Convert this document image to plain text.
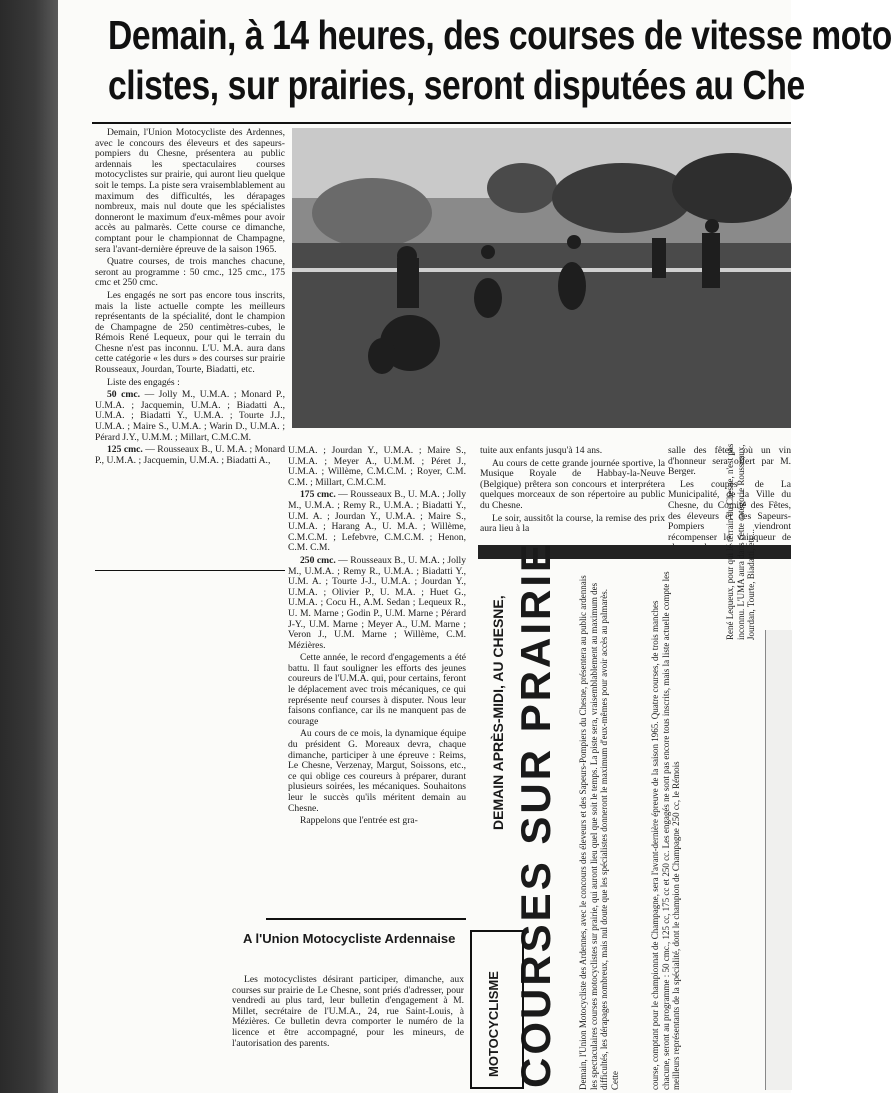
Demain, à 14 heures, des courses de vitesse moto
clistes, sur prairies, seront disputées au Che

Demain, l'Union Motocycliste des Ardennes, avec le concours des éleveurs et des sapeurs-pompiers du Chesne, présentera au public ardennais les spectaculaires courses motocyclistes sur prairie, qui auront lieu quelque soit le temps. La piste sera vraisemblablement au maximum des difficultés, les dérapages nombreux, mais nul doute que les spécialistes donneront le maximum d'eux-mêmes pour avoir accès au palmarès. Cette course ce dimanche, comptant pour le championnat de Champagne, sera l'avant-dernière épreuve de la saison 1965.

Quatre courses, de trois manches chacune, seront au programme : 50 cmc., 125 cmc., 175 cmc et 250 cmc.

Les engagés ne sort pas encore tous inscrits, mais la liste actuelle compte les meilleurs représentants de la spécialité, dont le champion de Champagne de 250 centimètres-cubes, le Rémois René Lequeux, pour qui le terrain du Chesne n'est pas inconnu. L'U. M.A. aura dans cette catégorie « les durs » des courses sur prairie Rousseaux, Jourdan, Tourte, Biadatti, etc.

Liste des engagés :

50 cmc. — Jolly M., U.M.A. ; Monard P., U.M.A. ; Jacquemin, U.M.A. ; Biadatti A., U.M.A. ; Biadatti Y., U.M.A. ; Tourte J.J., U.M.A. ; Maire S., U.M.A. ; Warin D., U.M.A. ; Pérard J.Y., U.M.M. ; Millart, C.M.C.M.

125 cmc. — Rousseaux B., U. M.A. ; Monard P., U.M.A. ; Jacquemin, U.M.A. ; Biadatti A.,

U.M.A. ; Jourdan Y., U.M.A. ; Maire S., U.M.A. ; Meyer A., U.M.M. ; Péret J., U.M.A. ; Willème, C.M.C.M. ; Royer, C.M. C.M. ; Millart, C.M.C.M.

175 cmc. — Rousseaux B., U. M.A. ; Jolly M., U.M.A. ; Remy R., U.M.A. ; Biadatti Y., U.M. A. ; Jourdan Y., U.M.A. ; Maire S., U.M.A. ; Harang A., U. M.A. ; Willème, C.M.C.M. ; Lefebvre, C.M.C.M. ; Henon, C.M. C.M.

250 cmc. — Rousseaux B., U. M.A. ; Jolly M., U.M.A. ; Remy R., U.M.A. ; Biadatti Y., U.M. A. ; Tourte J-J., U.M.A. ; Jourdan Y., U.M.A. ; Olivier P., U. M.A. ; Huet G., U.M.A. ; Cocu H., A.M. Sedan ; Lequeux R., U. M. Marne ; Godin P., U.M. Marne ; Pérard J-Y., U.M. Marne ; Meyer A., U.M. Marne ; Veron J., U.M. Marne ; Willème, C.M. Mézières.

Cette année, le record d'engagements a été battu. Il faut souligner les efforts des jeunes coureurs de l'U.M.A. qui, pour certains, feront le déplacement avec trois mécaniques, ce qui représente neuf courses à disputer. Nous leur faisons confiance, car ils ne manquent pas de courage

Au cours de ce mois, la dynamique équipe du président G. Moreaux devra, chaque dimanche, participer à une épreuve : Reims, Le Chesne, Verzenay, Margut, Soissons, etc., ce qui oblige ces coureurs à préparer, durant plusieurs soirées, les mécaniques. Souhaitons leur le succès qu'ils méritent demain au Chesne.

Rappelons que l'entrée est gra-

tuite aux enfants jusqu'à 14 ans.

Au cours de cette grande journée sportive, la Musique Royale de Habbay-la-Neuve (Belgique) prêtera son concours et interprétera quelques morceaux de son répertoire au public du Chesne.

Le soir, aussitôt la course, la remise des prix aura lieu à la

salle des fêtes, où un vin d'honneur sera offert par M. Berger.

Les coupes de La Municipalité, de la Ville du Chesne, du Comité des Fêtes, des éleveurs et des Sapeurs-Pompiers viendront récompenser le vainqueur de

A l'Union Motocycliste Ardennaise

Les motocyclistes désirant participer, dimanche, aux courses sur prairie de Le Chesne, sont priés d'adresser, pour vendredi au plus tard, leur bulletin d'engagement à M. Millet, secrétaire de l'U.M.A., 24, rue Saint-Louis, à Mézières. Ce bulletin devra comporter le numéro de la licence et être accompagné, pour les mineurs, de l'autorisation des parents.

DEMAIN APRÈS-MIDI, AU CHESNE, COURSES SUR PRAIRIE
MOTOCYCLISME	Demain, l'Union Motocycliste des Ardennes, avec le concours des éleveurs et des Sapeurs-Pompiers du Chesne, présentera au public ardennais les spectaculaires courses motocyclistes sur prairie, qui auront lieu quel que soit le temps. La piste sera, vraisemblablement au maximum des difficultés, les dérapages nombreux, mais nul doute que les spécialistes donneront le maximum d'eux-mêmes pour avoir accès au palmarès. Cette	course, comptant pour le championnat de Champagne, sera l'avant-dernière épreuve de la saison 1965. Quatre courses, de trois manches chacune, seront au programme : 50 cmc., 125 cc, 175 cc et 250 cc. Les engagés ne sont pas encore tous inscrits, mais la liste actuelle compte les meilleurs représentants de la spécialité, dont le champion de Champagne 250 cc, le Rémois
René Lequeux, pour qui le terrain du Chesne, n'est pas inconnu. L'UMA aura dans cette catégorie Rousseaux, Jourdan, Tourte, Biadatti, etc...
